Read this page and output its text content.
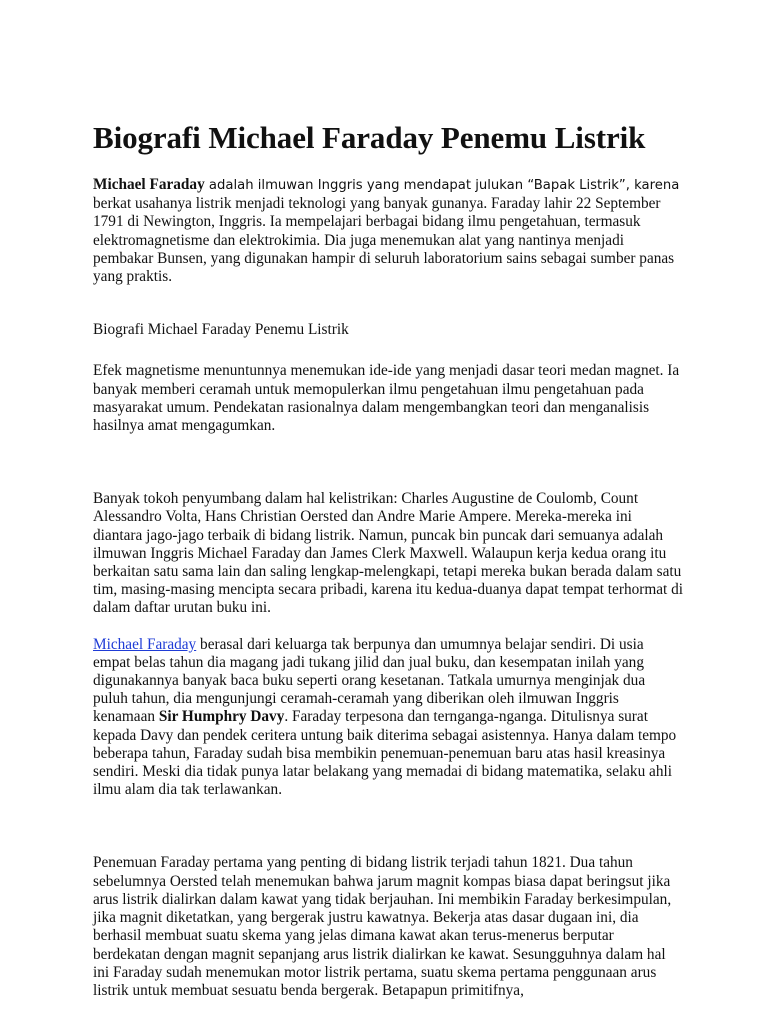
Biografi Michael Faraday Penemu Listrik

Michael Faraday adalah ilmuwan Inggris yang mendapat julukan “Bapak Listrik”, karena berkat usahanya listrik menjadi teknologi yang banyak gunanya. Faraday lahir 22 September 1791 di Newington, Inggris. Ia mempelajari berbagai bidang ilmu pengetahuan, termasuk elektromagnetisme dan elektrokimia. Dia juga menemukan alat yang nantinya menjadi pembakar Bunsen, yang digunakan hampir di seluruh laboratorium sains sebagai sumber panas yang praktis.

Biografi Michael Faraday Penemu Listrik

Efek magnetisme menuntunnya menemukan ide-ide yang menjadi dasar teori medan magnet. Ia banyak memberi ceramah untuk memopulerkan ilmu pengetahuan ilmu pengetahuan pada masyarakat umum. Pendekatan rasionalnya dalam mengembangkan teori dan menganalisis hasilnya amat mengagumkan.

Banyak tokoh penyumbang dalam hal kelistrikan: Charles Augustine de Coulomb, Count Alessandro Volta, Hans Christian Oersted dan Andre Marie Ampere. Mereka-mereka ini diantara jago-jago terbaik di bidang listrik. Namun, puncak bin puncak dari semuanya adalah ilmuwan Inggris Michael Faraday dan James Clerk Maxwell. Walaupun kerja kedua orang itu berkaitan satu sama lain dan saling lengkap-melengkapi, tetapi mereka bukan berada dalam satu tim, masing-masing mencipta secara pribadi, karena itu kedua-duanya dapat tempat terhormat di dalam daftar urutan buku ini.

Michael Faraday berasal dari keluarga tak berpunya dan umumnya belajar sendiri. Di usia empat belas tahun dia magang jadi tukang jilid dan jual buku, dan kesempatan inilah yang digunakannya banyak baca buku seperti orang kesetanan. Tatkala umurnya menginjak dua puluh tahun, dia mengunjungi ceramah-ceramah yang diberikan oleh ilmuwan Inggris kenamaan Sir Humphry Davy. Faraday terpesona dan ternganga-nganga. Ditulisnya surat kepada Davy dan pendek ceritera untung baik diterima sebagai asistennya. Hanya dalam tempo beberapa tahun, Faraday sudah bisa membikin penemuan-penemuan baru atas hasil kreasinya sendiri. Meski dia tidak punya latar belakang yang memadai di bidang matematika, selaku ahli ilmu alam dia tak terlawankan.

Penemuan Faraday pertama yang penting di bidang listrik terjadi tahun 1821. Dua tahun sebelumnya Oersted telah menemukan bahwa jarum magnit kompas biasa dapat beringsut jika arus listrik dialirkan dalam kawat yang tidak berjauhan. Ini membikin Faraday berkesimpulan, jika magnit diketatkan, yang bergerak justru kawatnya. Bekerja atas dasar dugaan ini, dia berhasil membuat suatu skema yang jelas dimana kawat akan terus-menerus berputar berdekatan dengan magnit sepanjang arus listrik dialirkan ke kawat. Sesungguhnya dalam hal ini Faraday sudah menemukan motor listrik pertama, suatu skema pertama penggunaan arus listrik untuk membuat sesuatu benda bergerak. Betapapun primitifnya,
